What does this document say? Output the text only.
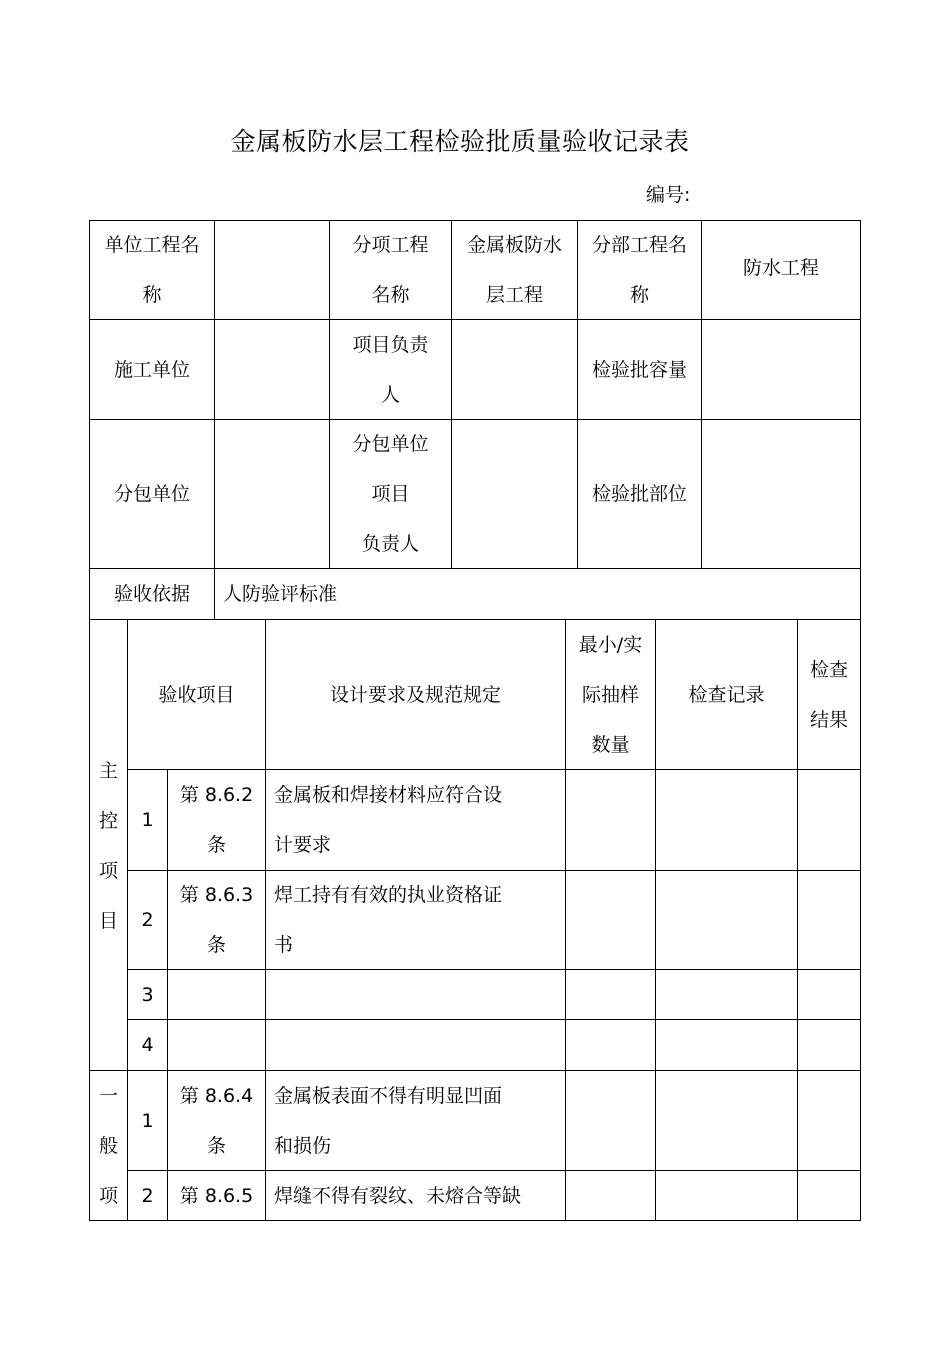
金属板防水层工程检验批质量验收记录表
编号:
单位工程名
称
分项工程
名称
金属板防水
层工程
分部工程名
称
防水工程
施工单位
项目负责
人
检验批容量
分包单位
分包单位
项目
负责人
检验批部位
验收依据 人防验评标准
验收项目	设计要求及规范规定
最小/实
际抽样
数量
检查记录
检查
结果
主
控
项
目
1
第 8.6.2
条
金属板和焊接材料应符合设
计要求
2
第 8.6.3
条
焊工持有有效的执业资格证
书
3
4
一
般
项
1
第 8.6.4
条
金属板表面不得有明显凹面
和损伤
2 第 8.6.5 焊缝不得有裂纹、未熔合等缺
